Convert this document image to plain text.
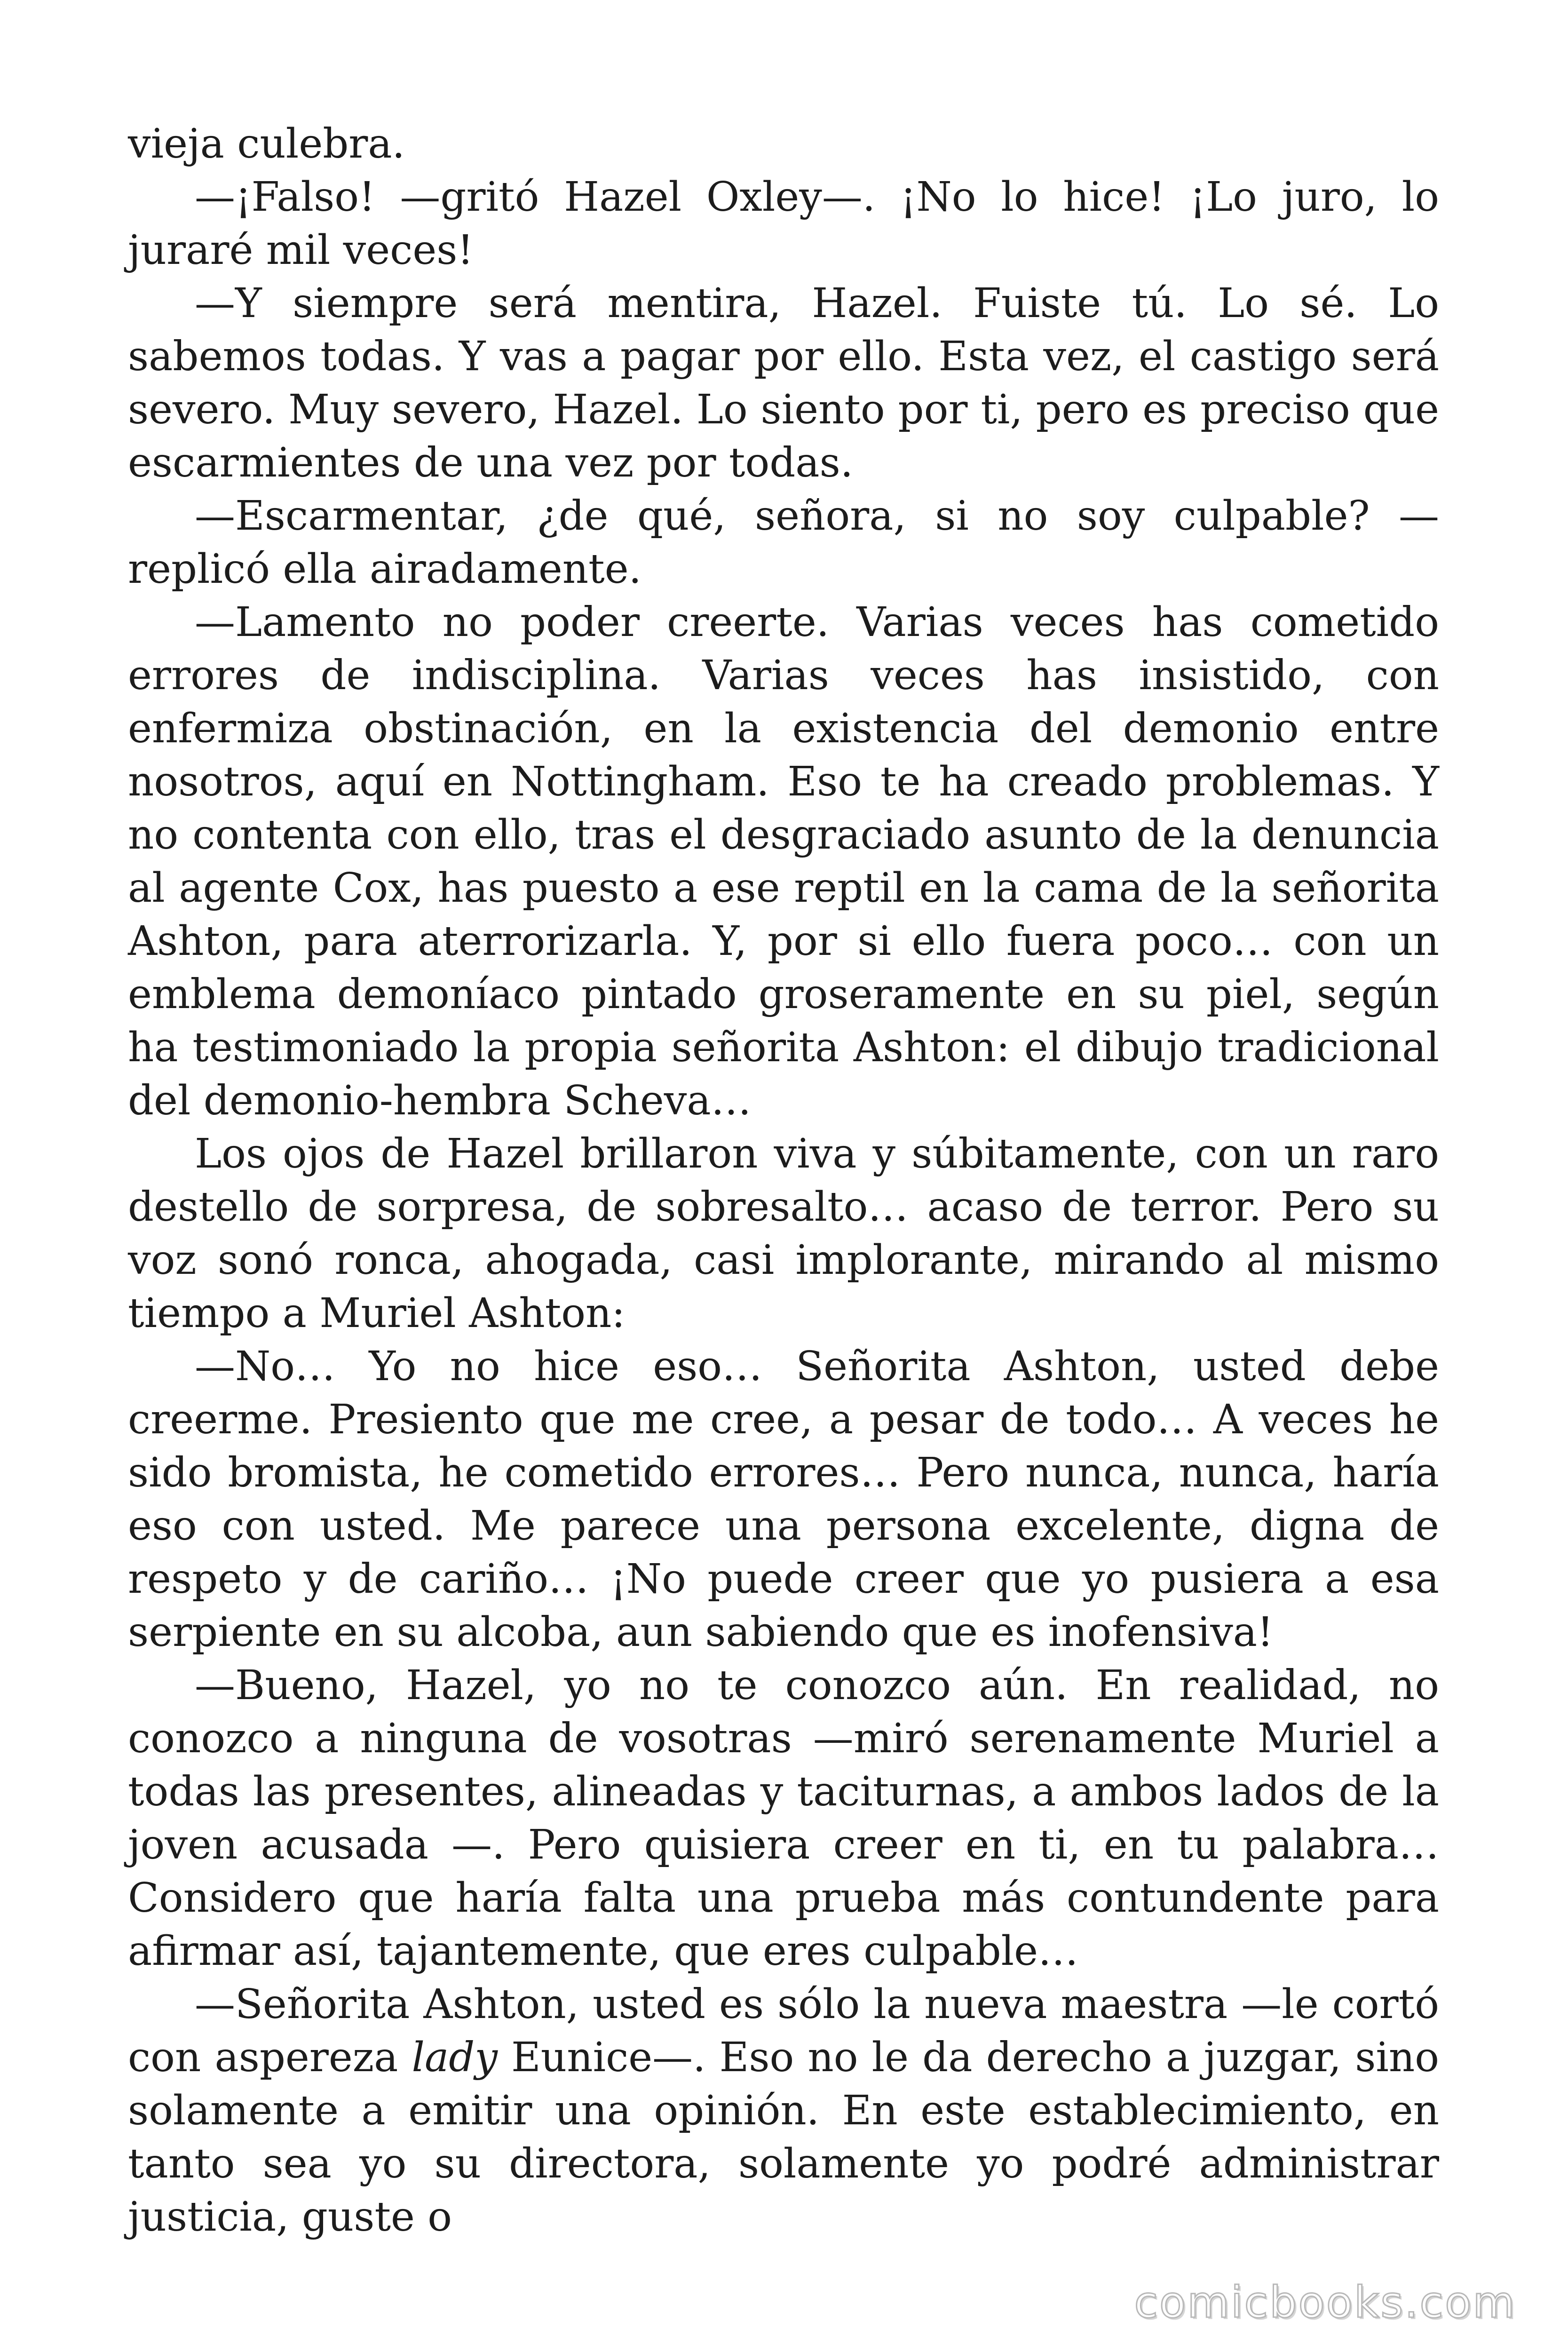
vieja culebra.

—¡Falso! —gritó Hazel Oxley—. ¡No lo hice! ¡Lo juro, lo juraré mil veces!

—Y siempre será mentira, Hazel. Fuiste tú. Lo sé. Lo sabemos todas. Y vas a pagar por ello. Esta vez, el castigo será severo. Muy severo, Hazel. Lo siento por ti, pero es preciso que escarmientes de una vez por todas.

—Escarmentar, ¿de qué, señora, si no soy culpable? —replicó ella airadamente.

—Lamento no poder creerte. Varias veces has cometido errores de indisciplina. Varias veces has insistido, con enfermiza obstinación, en la existencia del demonio entre nosotros, aquí en Nottingham. Eso te ha creado problemas. Y no contenta con ello, tras el desgraciado asunto de la denuncia al agente Cox, has puesto a ese reptil en la cama de la señorita Ashton, para aterrorizarla. Y, por si ello fuera poco… con un emblema demoníaco pintado groseramente en su piel, según ha testimoniado la propia señorita Ashton: el dibujo tradicional del demonio-hembra Scheva…

Los ojos de Hazel brillaron viva y súbitamente, con un raro destello de sorpresa, de sobresalto… acaso de terror. Pero su voz sonó ronca, ahogada, casi implorante, mirando al mismo tiempo a Muriel Ashton:

—No… Yo no hice eso… Señorita Ashton, usted debe creerme. Presiento que me cree, a pesar de todo… A veces he sido bromista, he cometido errores… Pero nunca, nunca, haría eso con usted. Me parece una persona excelente, digna de respeto y de cariño… ¡No puede creer que yo pusiera a esa serpiente en su alcoba, aun sabiendo que es inofensiva!

—Bueno, Hazel, yo no te conozco aún. En realidad, no conozco a ninguna de vosotras —miró serenamente Muriel a todas las presentes, alineadas y taciturnas, a ambos lados de la joven acusada —. Pero quisiera creer en ti, en tu palabra… Considero que haría falta una prueba más contundente para afirmar así, tajantemente, que eres culpable…

—Señorita Ashton, usted es sólo la nueva maestra —le cortó con aspereza lady Eunice—. Eso no le da derecho a juzgar, sino solamente a emitir una opinión. En este establecimiento, en tanto sea yo su directora, solamente yo podré administrar justicia, guste o

comicbooks.com
